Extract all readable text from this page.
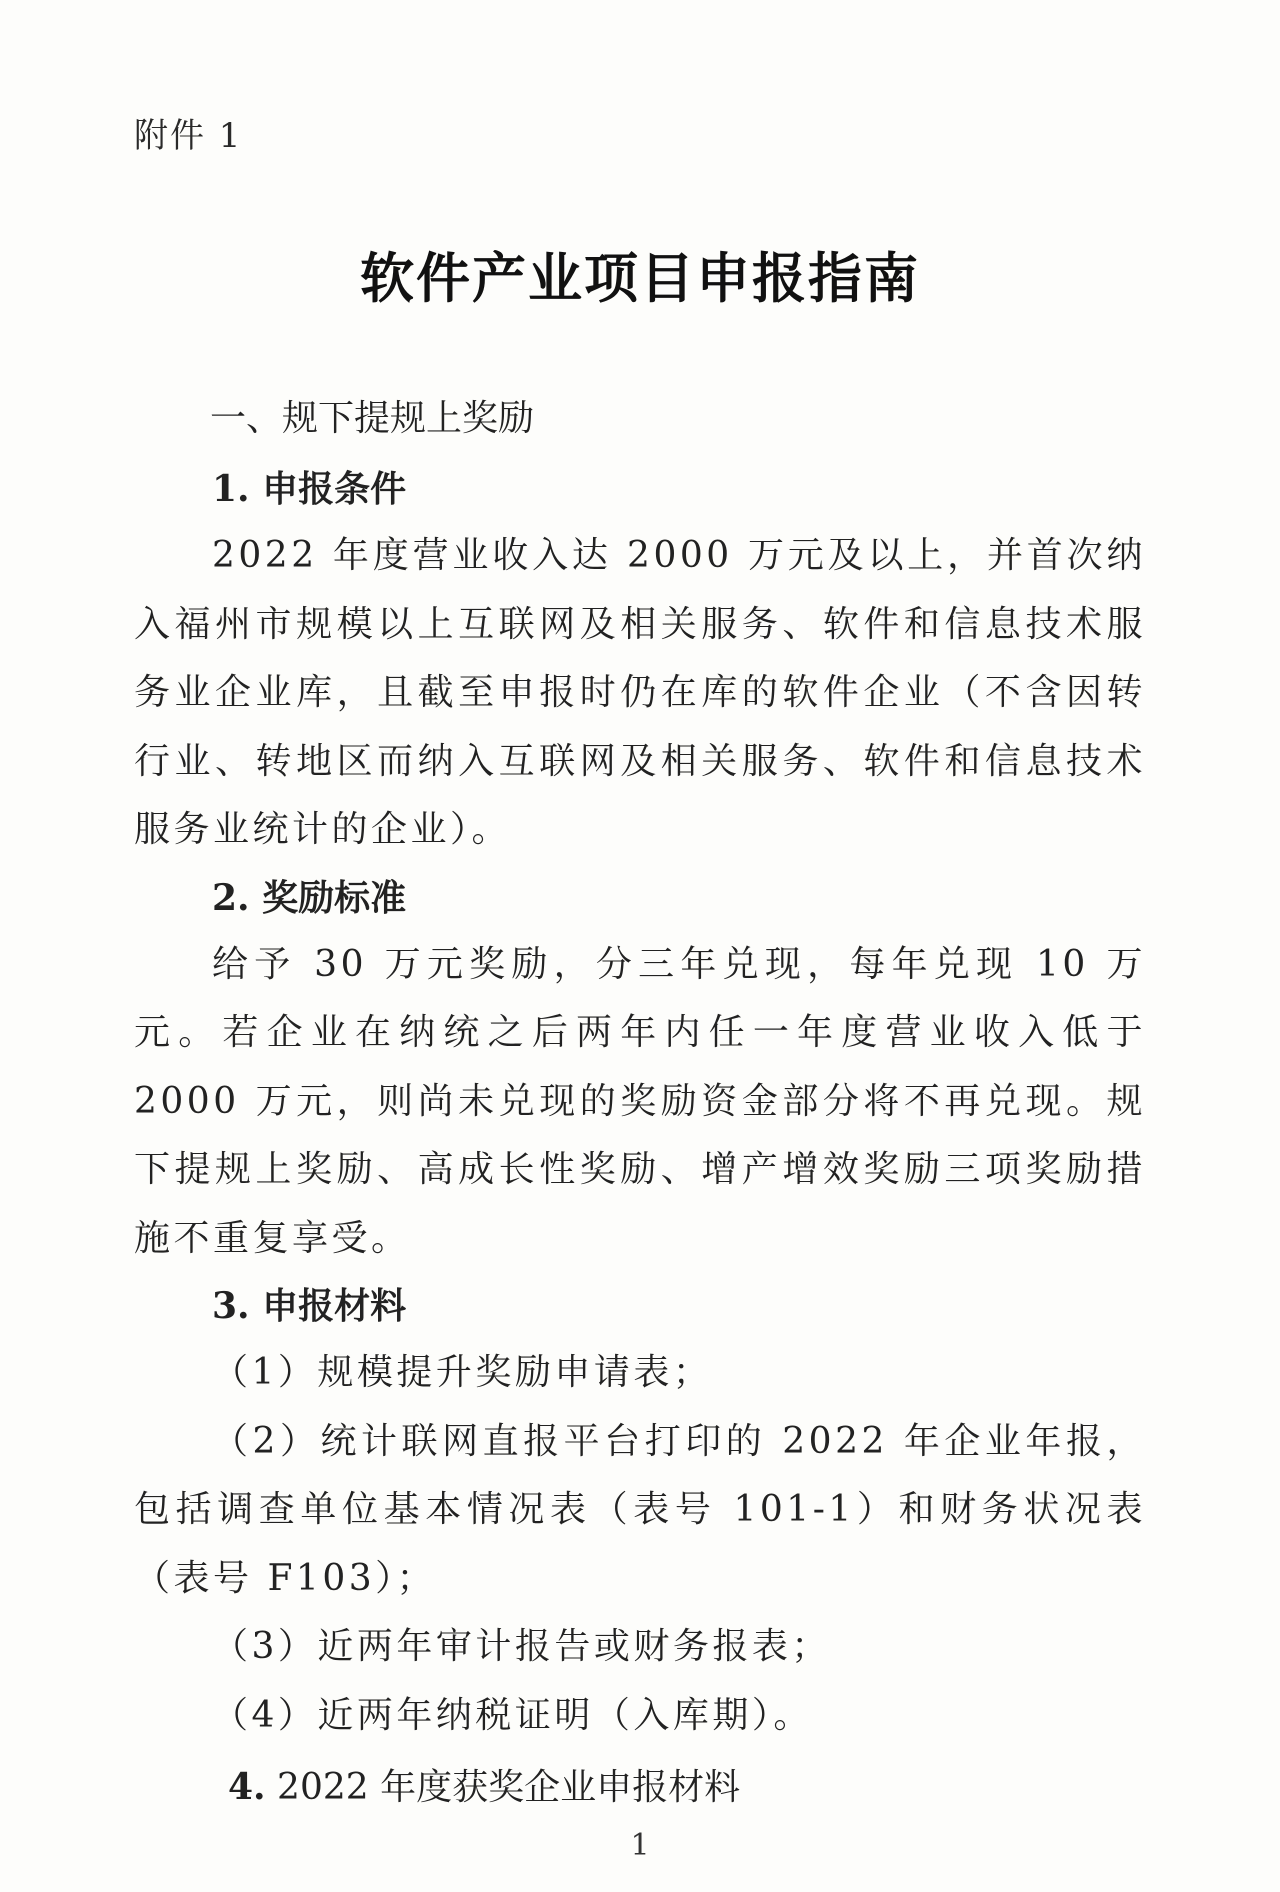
附件 1
软件产业项目申报指南
一、规下提规上奖励
1. 申报条件

2022 年度营业收入达 2000 万元及以上，并首次纳入福州市规模以上互联网及相关服务、软件和信息技术服务业企业库，且截至申报时仍在库的软件企业（不含因转行业、转地区而纳入互联网及相关服务、软件和信息技术服务业统计的企业）。

2. 奖励标准

给予 30 万元奖励，分三年兑现，每年兑现 10 万元。若企业在纳统之后两年内任一年度营业收入低于 2000 万元，则尚未兑现的奖励资金部分将不再兑现。规下提规上奖励、高成长性奖励、增产增效奖励三项奖励措施不重复享受。

3. 申报材料

（1）规模提升奖励申请表；

（2）统计联网直报平台打印的 2022 年企业年报，包括调查单位基本情况表（表号 101-1）和财务状况表（表号 F103）；

（3）近两年审计报告或财务报表；

（4）近两年纳税证明（入库期）。

4. 2022 年度获奖企业申报材料
1
